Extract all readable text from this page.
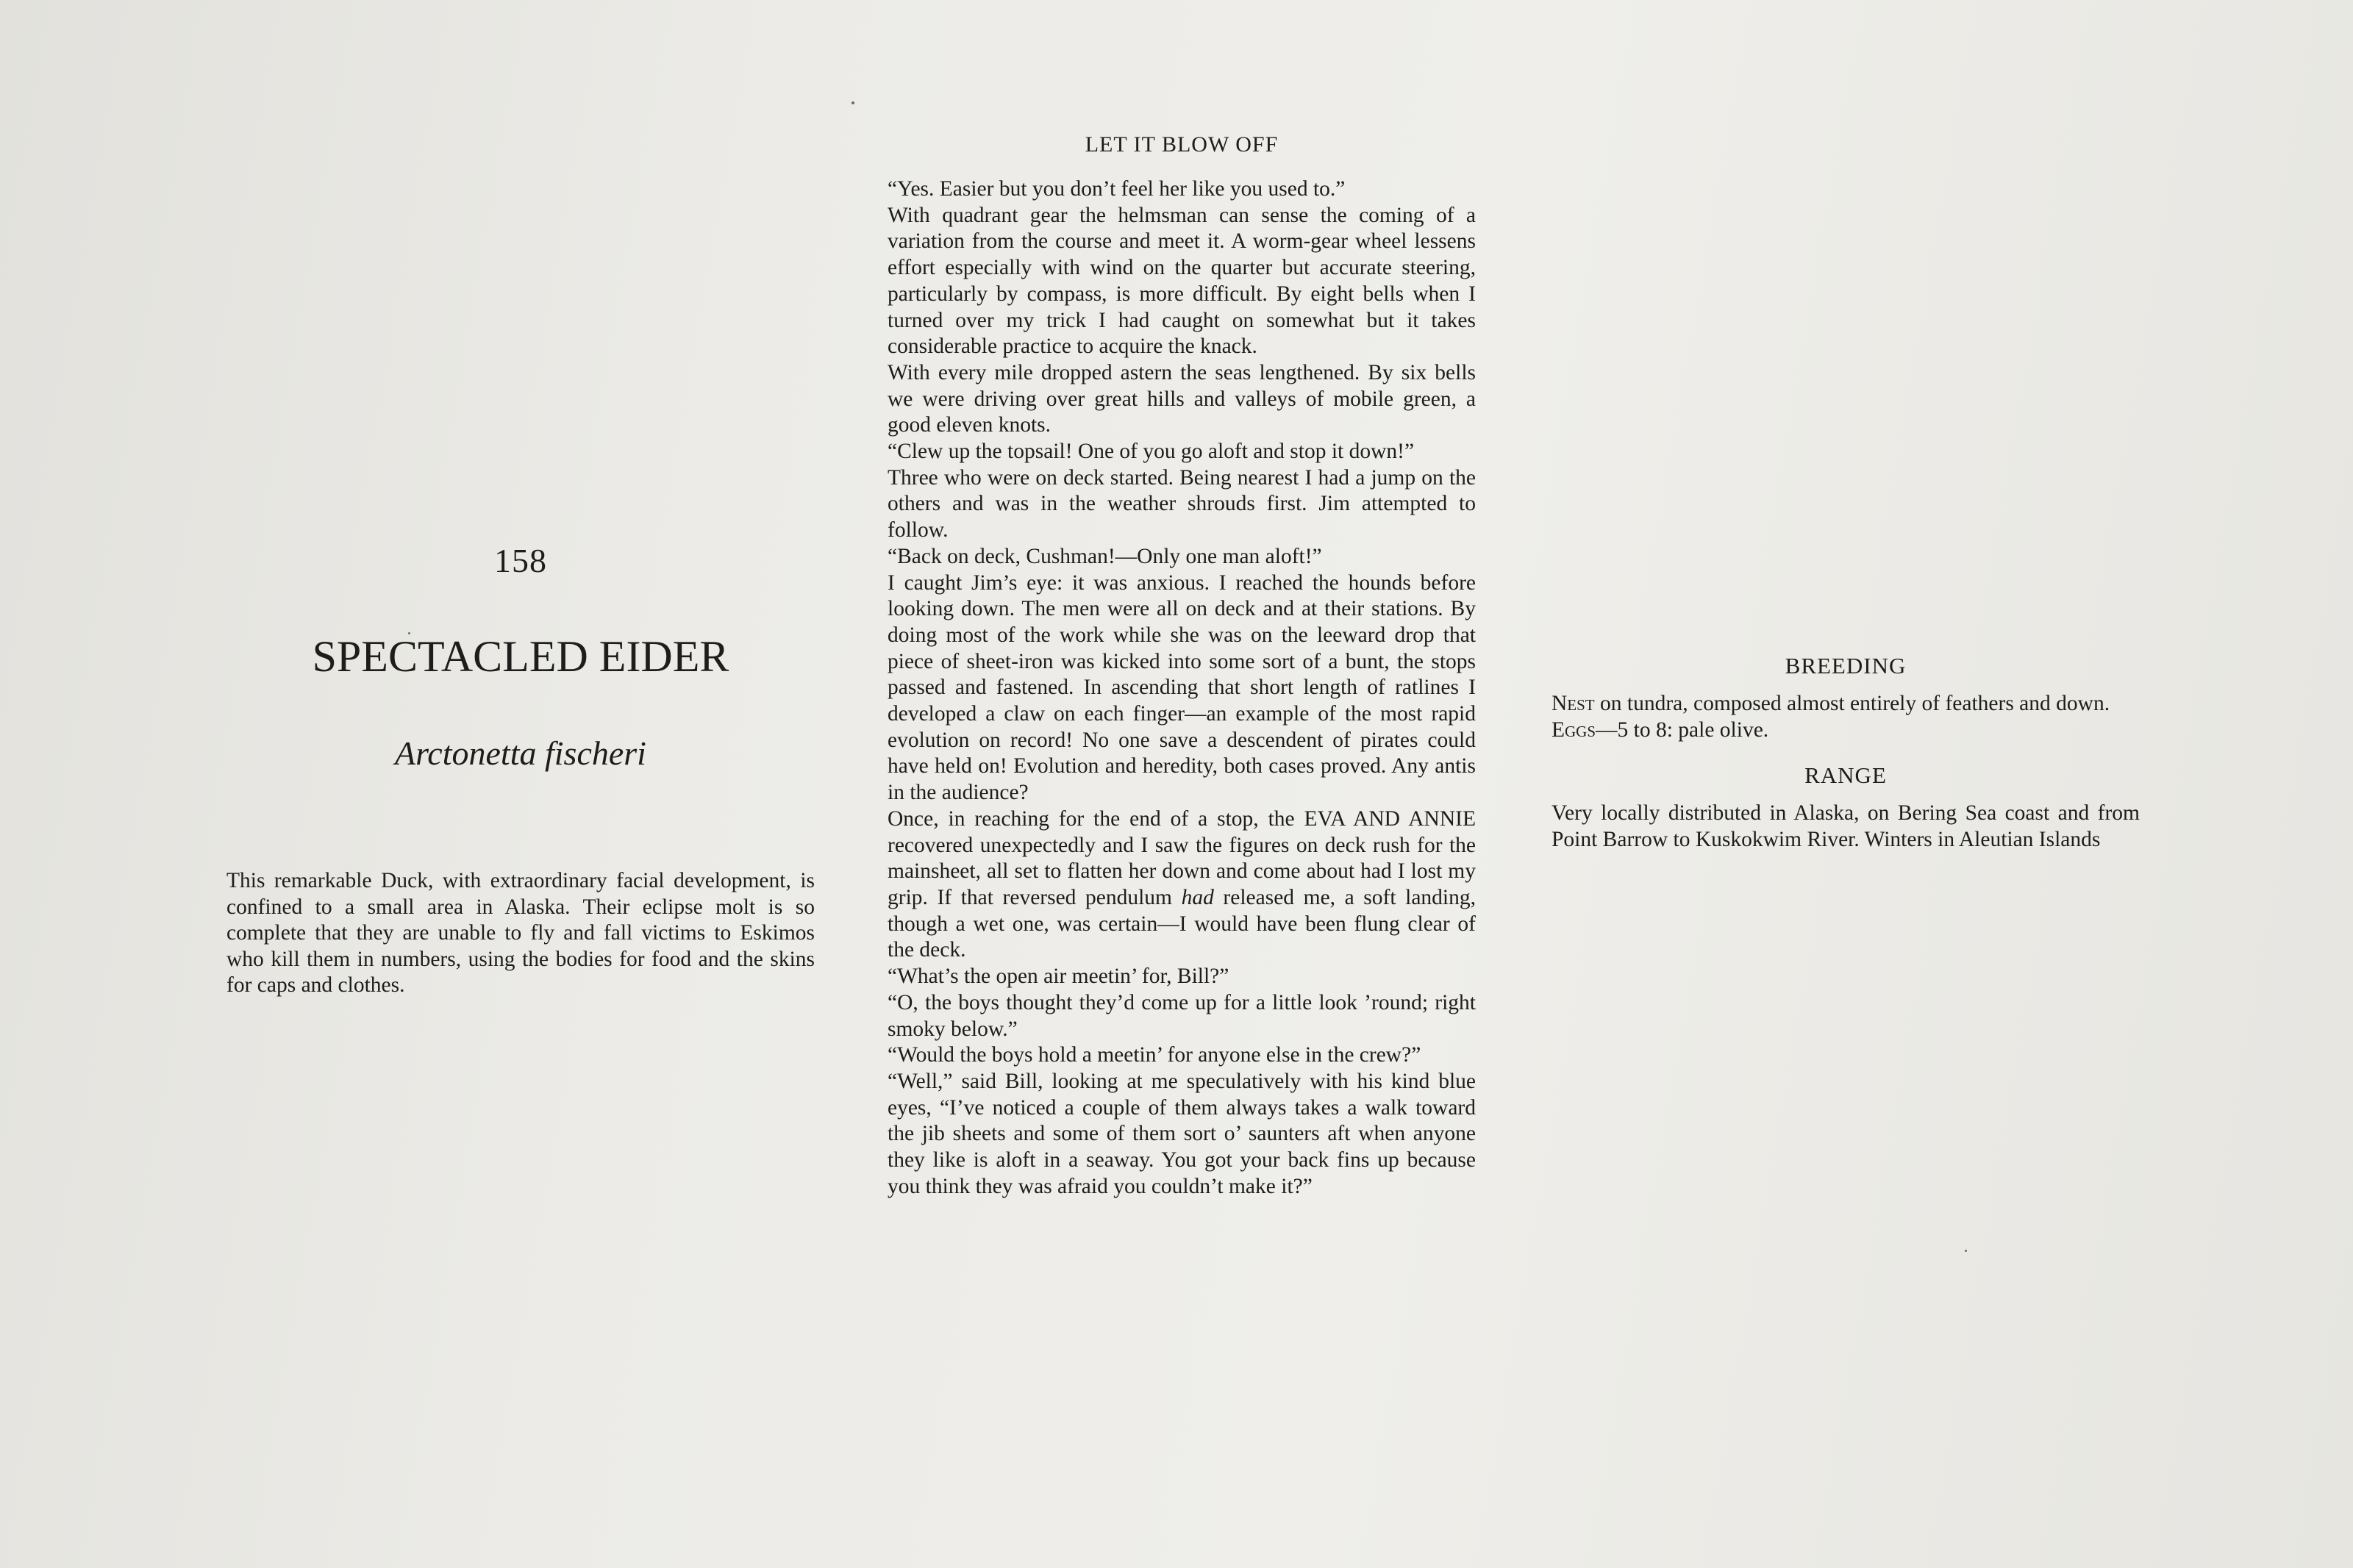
158
SPECTACLED EIDER
Arctonetta fischeri

This remarkable Duck, with extraordinary facial development, is confined to a small area in Alaska. Their eclipse molt is so complete that they are unable to fly and fall victims to Eskimos who kill them in numbers, using the bodies for food and the skins for caps and clothes.

LET IT BLOW OFF

“Yes. Easier but you don’t feel her like you used to.”

With quadrant gear the helmsman can sense the coming of a variation from the course and meet it. A worm-gear wheel lessens effort especially with wind on the quarter but accurate steering, particularly by compass, is more difficult. By eight bells when I turned over my trick I had caught on somewhat but it takes considerable practice to acquire the knack.

With every mile dropped astern the seas lengthened. By six bells we were driving over great hills and valleys of mobile green, a good eleven knots.

“Clew up the topsail! One of you go aloft and stop it down!”

Three who were on deck started. Being nearest I had a jump on the others and was in the weather shrouds first. Jim attempted to follow.

“Back on deck, Cushman!—Only one man aloft!”

I caught Jim’s eye: it was anxious. I reached the hounds before looking down. The men were all on deck and at their stations. By doing most of the work while she was on the leeward drop that piece of sheet-iron was kicked into some sort of a bunt, the stops passed and fastened. In ascending that short length of ratlines I developed a claw on each finger—an example of the most rapid evolution on record! No one save a descendent of pirates could have held on! Evolution and heredity, both cases proved. Any antis in the audience?

Once, in reaching for the end of a stop, the EVA AND ANNIE recovered unexpectedly and I saw the figures on deck rush for the mainsheet, all set to flatten her down and come about had I lost my grip. If that reversed pendulum had released me, a soft landing, though a wet one, was certain—I would have been flung clear of the deck.

“What’s the open air meetin’ for, Bill?”

“O, the boys thought they’d come up for a little look ’round; right smoky below.”

“Would the boys hold a meetin’ for anyone else in the crew?”

“Well,” said Bill, looking at me speculatively with his kind blue eyes, “I’ve noticed a couple of them always takes a walk toward the jib sheets and some of them sort o’ saunters aft when anyone they like is aloft in a seaway. You got your back fins up because you think they was afraid you couldn’t make it?”

BREEDING

Nest on tundra, composed almost entirely of feathers and down.

Eggs—5 to 8: pale olive.

RANGE

Very locally distributed in Alaska, on Bering Sea coast and from Point Barrow to Kuskokwim River. Winters in Aleutian Islands
